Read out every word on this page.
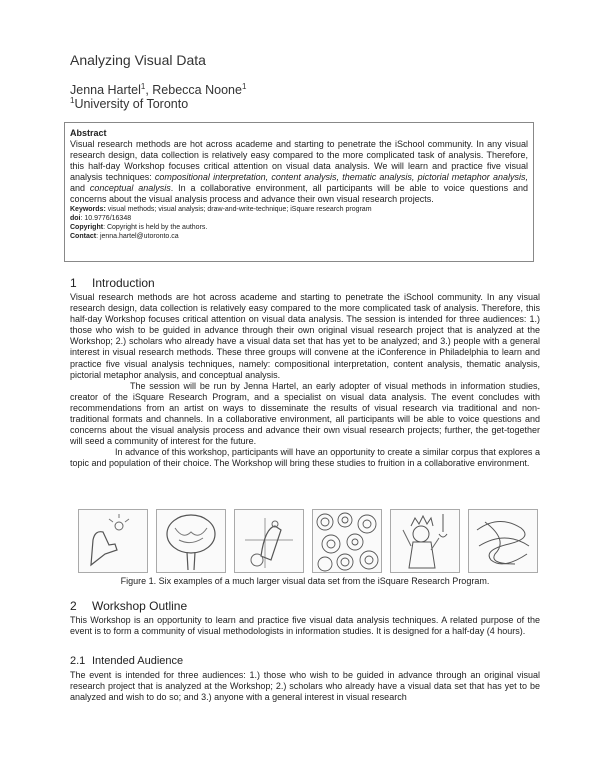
Analyzing Visual Data
Jenna Hartel$^1$, Rebecca Noone$^1$
$^1$University of Toronto
Abstract
Visual research methods are hot across academe and starting to penetrate the iSchool community. In any visual research design, data collection is relatively easy compared to the more complicated task of analysis. Therefore, this half-day Workshop focuses critical attention on visual data analysis. We will learn and practice five visual analysis techniques: compositional interpretation, content analysis, thematic analysis, pictorial metaphor analysis, and conceptual analysis. In a collaborative environment, all participants will be able to voice questions and concerns about the visual analysis process and advance their own visual research projects.
Keywords: visual methods; visual analysis; draw-and-write-technique; iSquare research program
doi: 10.9776/16348
Copyright: Copyright is held by the authors.
Contact: jenna.hartel@utoronto.ca
1 Introduction

Visual research methods are hot across academe and starting to penetrate the iSchool community. In any visual research design, data collection is relatively easy compared to the more complicated task of analysis. Therefore, this half-day Workshop focuses critical attention on visual data analysis. The session is intended for three audiences: 1.) those who wish to be guided in advance through their own original visual research project that is analyzed at the Workshop; 2.) scholars who already have a visual data set that has yet to be analyzed; and 3.) people with a general interest in visual research methods. These three groups will convene at the iConference in Philadelphia to learn and practice five visual analysis techniques, namely: compositional interpretation, content analysis, thematic analysis, pictorial metaphor analysis, and conceptual analysis.

The session will be run by Jenna Hartel, an early adopter of visual methods in information studies, creator of the iSquare Research Program, and a specialist on visual data analysis. The event concludes with recommendations from an artist on ways to disseminate the results of visual research via traditional and non-traditional formats and channels. In a collaborative environment, all participants will be able to voice questions and concerns about the visual analysis process and advance their own visual research projects; further, the get-together will seed a community of interest for the future.

In advance of this workshop, participants will have an opportunity to create a similar corpus that explores a topic and population of their choice. The Workshop will bring these studies to fruition in a collaborative environment.

Figure 1. Six examples of a much larger visual data set from the iSquare Research Program.
2 Workshop Outline

This Workshop is an opportunity to learn and practice five visual data analysis techniques. A related purpose of the event is to form a community of visual methodologists in information studies. It is designed for a half-day (4 hours).

2.1 Intended Audience

The event is intended for three audiences: 1.) those who wish to be guided in advance through an original visual research project that is analyzed at the Workshop; 2.) scholars who already have a visual data set that has yet to be analyzed and wish to do so; and 3.) anyone with a general interest in visual research
